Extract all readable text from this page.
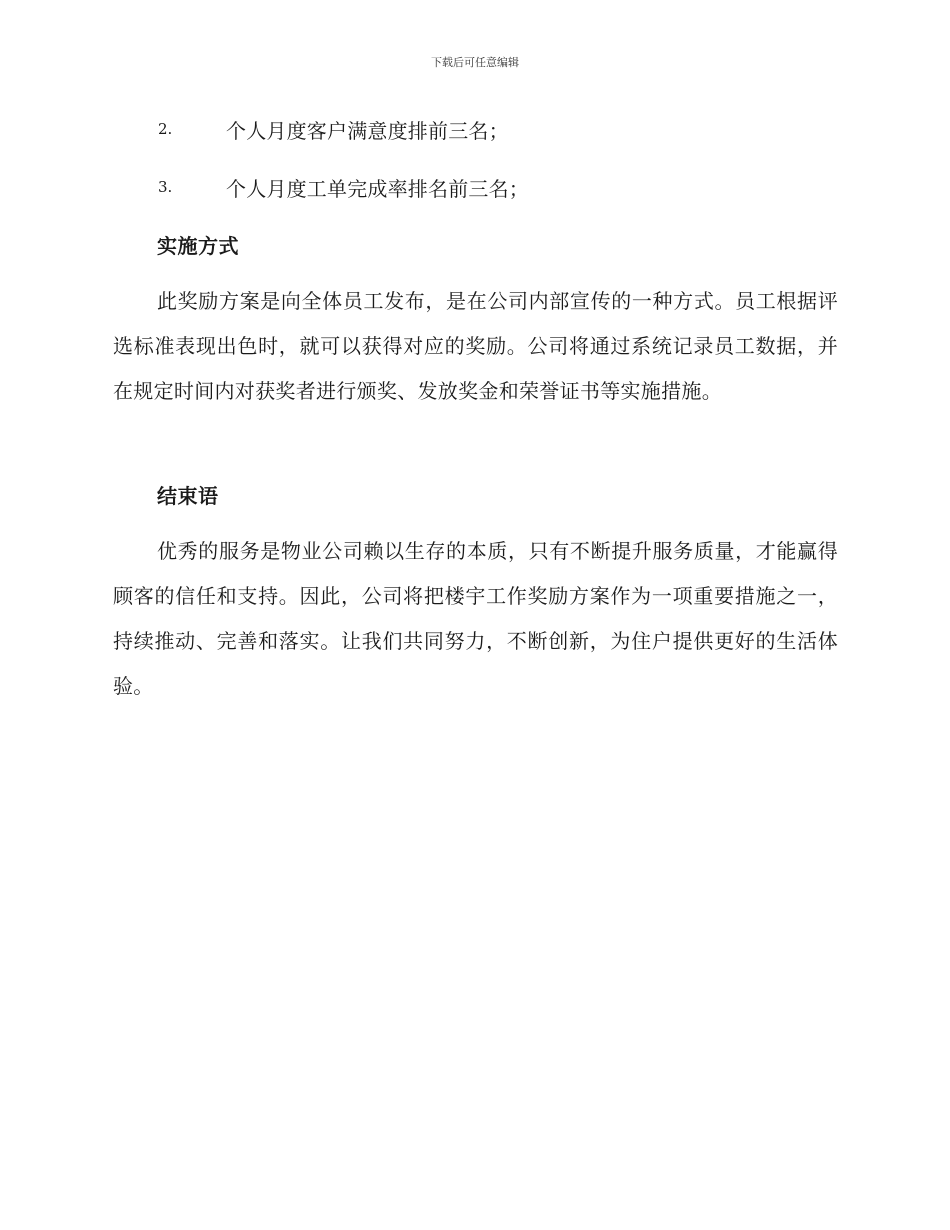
下载后可任意编辑
2.	个人月度客户满意度排前三名；
3.	个人月度工单完成率排名前三名；
实施方式

此奖励方案是向全体员工发布，是在公司内部宣传的一种方式。员工根据评选标准表现出色时，就可以获得对应的奖励。公司将通过系统记录员工数据，并在规定时间内对获奖者进行颁奖、发放奖金和荣誉证书等实施措施。

结束语

优秀的服务是物业公司赖以生存的本质，只有不断提升服务质量，才能赢得顾客的信任和支持。因此，公司将把楼宇工作奖励方案作为一项重要措施之一，持续推动、完善和落实。让我们共同努力，不断创新，为住户提供更好的生活体验。
